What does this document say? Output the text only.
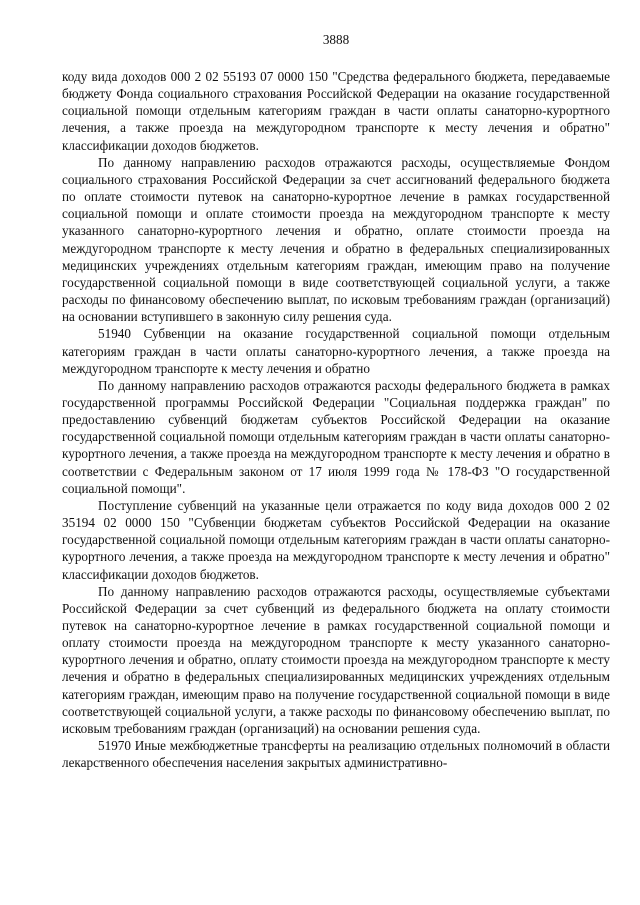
3888

коду вида доходов 000 2 02 55193 07 0000 150 "Средства федерального бюджета, передаваемые бюджету Фонда социального страхования Российской Федерации на оказание государственной социальной помощи отдельным категориям граждан в части оплаты санаторно-курортного лечения, а также проезда на междугородном транспорте к месту лечения и обратно" классификации доходов бюджетов.

По данному направлению расходов отражаются расходы, осуществляемые Фондом социального страхования Российской Федерации за счет ассигнований федерального бюджета по оплате стоимости путевок на санаторно-курортное лечение в рамках государственной социальной помощи и оплате стоимости проезда на междугородном транспорте к месту указанного санаторно-курортного лечения и обратно, оплате стоимости проезда на междугородном транспорте к месту лечения и обратно в федеральных специализированных медицинских учреждениях отдельным категориям граждан, имеющим право на получение государственной социальной помощи в виде соответствующей социальной услуги, а также расходы по финансовому обеспечению выплат, по исковым требованиям граждан (организаций) на основании вступившего в законную силу решения суда.

51940 Субвенции на оказание государственной социальной помощи отдельным категориям граждан в части оплаты санаторно-курортного лечения, а также проезда на междугородном транспорте к месту лечения и обратно

По данному направлению расходов отражаются расходы федерального бюджета в рамках государственной программы Российской Федерации "Социальная поддержка граждан" по предоставлению субвенций бюджетам субъектов Российской Федерации на оказание государственной социальной помощи отдельным категориям граждан в части оплаты санаторно-курортного лечения, а также проезда на междугородном транспорте к месту лечения и обратно в соответствии с Федеральным законом от 17 июля 1999 года № 178-ФЗ "О государственной социальной помощи".

Поступление субвенций на указанные цели отражается по коду вида доходов 000 2 02 35194 02 0000 150 "Субвенции бюджетам субъектов Российской Федерации на оказание государственной социальной помощи отдельным категориям граждан в части оплаты санаторно-курортного лечения, а также проезда на междугородном транспорте к месту лечения и обратно" классификации доходов бюджетов.

По данному направлению расходов отражаются расходы, осуществляемые субъектами Российской Федерации за счет субвенций из федерального бюджета на оплату стоимости путевок на санаторно-курортное лечение в рамках государственной социальной помощи и оплату стоимости проезда на междугородном транспорте к месту указанного санаторно-курортного лечения и обратно, оплату стоимости проезда на междугородном транспорте к месту лечения и обратно в федеральных специализированных медицинских учреждениях отдельным категориям граждан, имеющим право на получение государственной социальной помощи в виде соответствующей социальной услуги, а также расходы по финансовому обеспечению выплат, по исковым требованиям граждан (организаций) на основании решения суда.

51970 Иные межбюджетные трансферты на реализацию отдельных полномочий в области лекарственного обеспечения населения закрытых административно-
